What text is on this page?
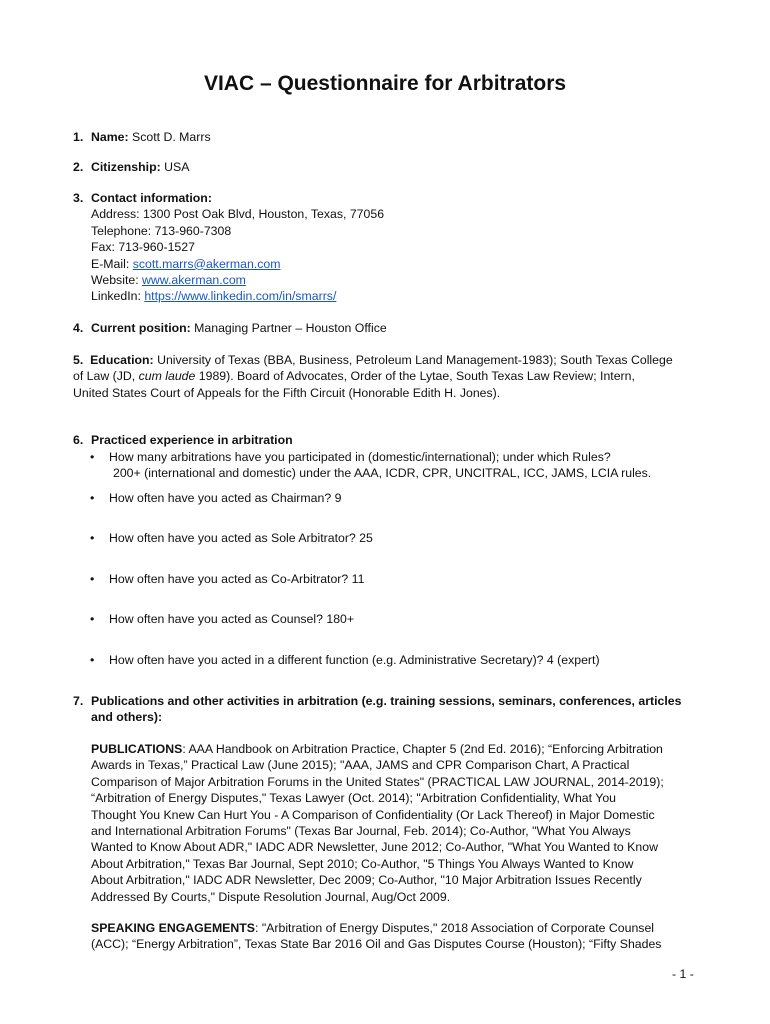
VIAC – Questionnaire for Arbitrators
1. Name: Scott D. Marrs
2. Citizenship: USA
3. Contact information:
Address: 1300 Post Oak Blvd, Houston, Texas, 77056
Telephone: 713-960-7308
Fax: 713-960-1527
E-Mail: scott.marrs@akerman.com
Website: www.akerman.com
LinkedIn: https://www.linkedin.com/in/smarrs/
4. Current position: Managing Partner – Houston Office
5. Education: University of Texas (BBA, Business, Petroleum Land Management-1983); South Texas College
of Law (JD, cum laude 1989). Board of Advocates, Order of the Lytae, South Texas Law Review; Intern,
United States Court of Appeals for the Fifth Circuit (Honorable Edith H. Jones).
6. Practiced experience in arbitration
• How many arbitrations have you participated in (domestic/international); under which Rules?
200+ (international and domestic) under the AAA, ICDR, CPR, UNCITRAL, ICC, JAMS, LCIA rules.
• How often have you acted as Chairman? 9
• How often have you acted as Sole Arbitrator? 25
• How often have you acted as Co-Arbitrator? 11
• How often have you acted as Counsel? 180+
• How often have you acted in a different function (e.g. Administrative Secretary)? 4 (expert)
7. Publications and other activities in arbitration (e.g. training sessions, seminars, conferences, articles
and others):
PUBLICATIONS: AAA Handbook on Arbitration Practice, Chapter 5 (2nd Ed. 2016); “Enforcing Arbitration
Awards in Texas,” Practical Law (June 2015); "AAA, JAMS and CPR Comparison Chart, A Practical
Comparison of Major Arbitration Forums in the United States" (PRACTICAL LAW JOURNAL, 2014-2019);
“Arbitration of Energy Disputes," Texas Lawyer (Oct. 2014); "Arbitration Confidentiality, What You
Thought You Knew Can Hurt You - A Comparison of Confidentiality (Or Lack Thereof) in Major Domestic
and International Arbitration Forums" (Texas Bar Journal, Feb. 2014); Co-Author, "What You Always
Wanted to Know About ADR," IADC ADR Newsletter, June 2012; Co-Author, "What You Wanted to Know
About Arbitration," Texas Bar Journal, Sept 2010; Co-Author, "5 Things You Always Wanted to Know
About Arbitration," IADC ADR Newsletter, Dec 2009; Co-Author, "10 Major Arbitration Issues Recently
Addressed By Courts," Dispute Resolution Journal, Aug/Oct 2009.
SPEAKING ENGAGEMENTS: "Arbitration of Energy Disputes," 2018 Association of Corporate Counsel
(ACC); “Energy Arbitration”, Texas State Bar 2016 Oil and Gas Disputes Course (Houston); “Fifty Shades
- 1 -
